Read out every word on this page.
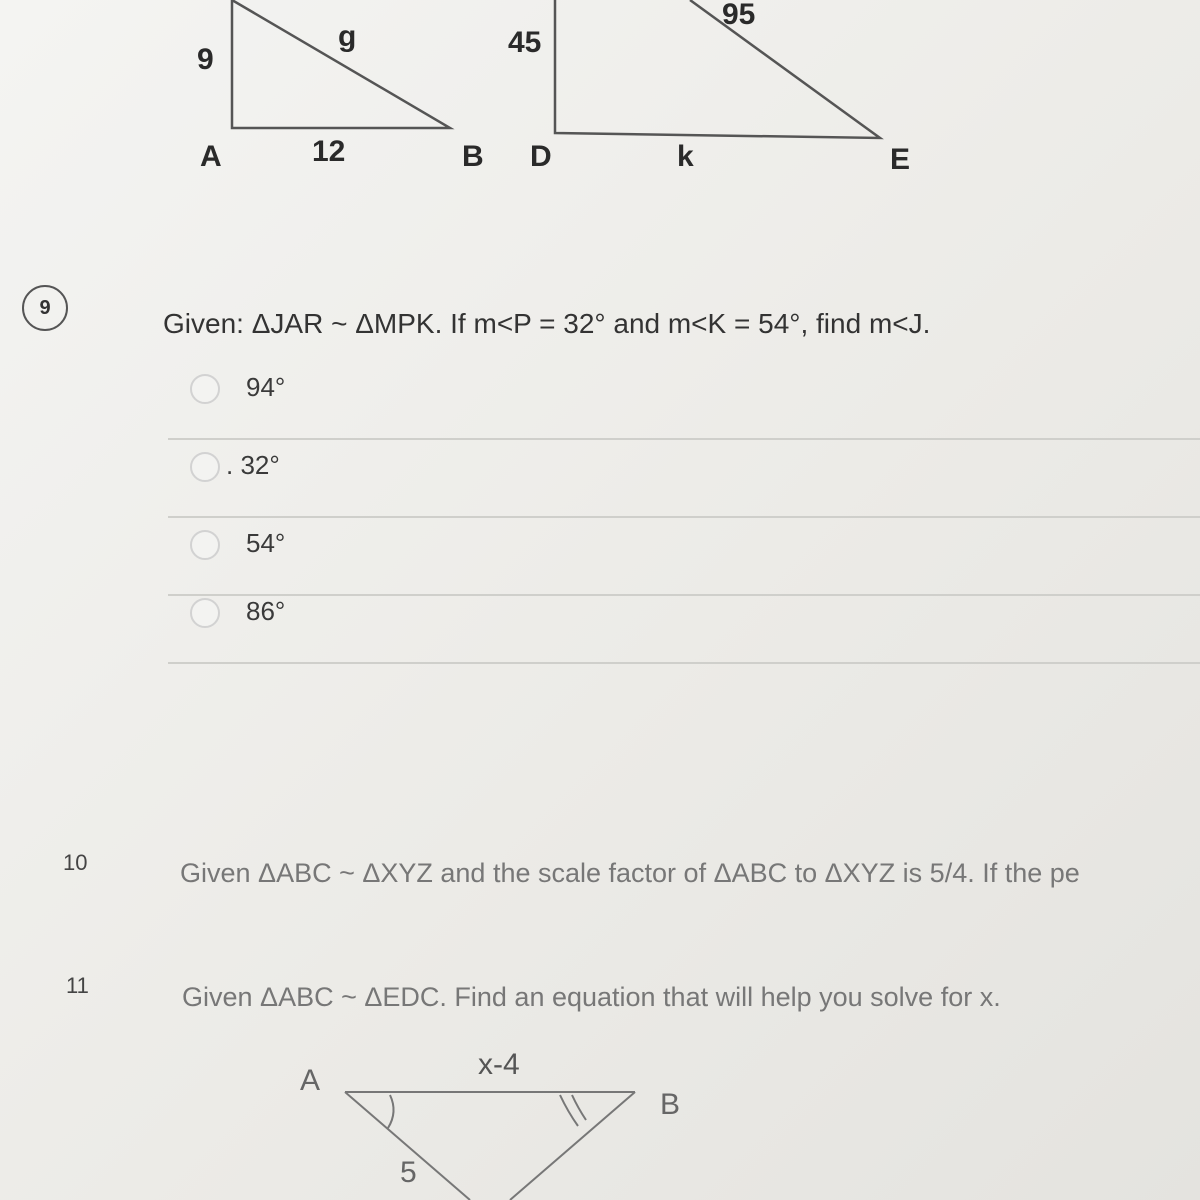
9
g
12
A	B
45
95
D	k	E
9
Given: ΔJAR ~ ΔMPK. If m<P = 32° and m<K = 54°, find m<J.
94°
. 32°
54°
86°
10	Given ΔABC ~ ΔXYZ and the scale factor of ΔABC to ΔXYZ is 5/4. If the pe
11	Given ΔABC ~ ΔEDC. Find an equation that will help you solve for x.
A	x-4
B
5
